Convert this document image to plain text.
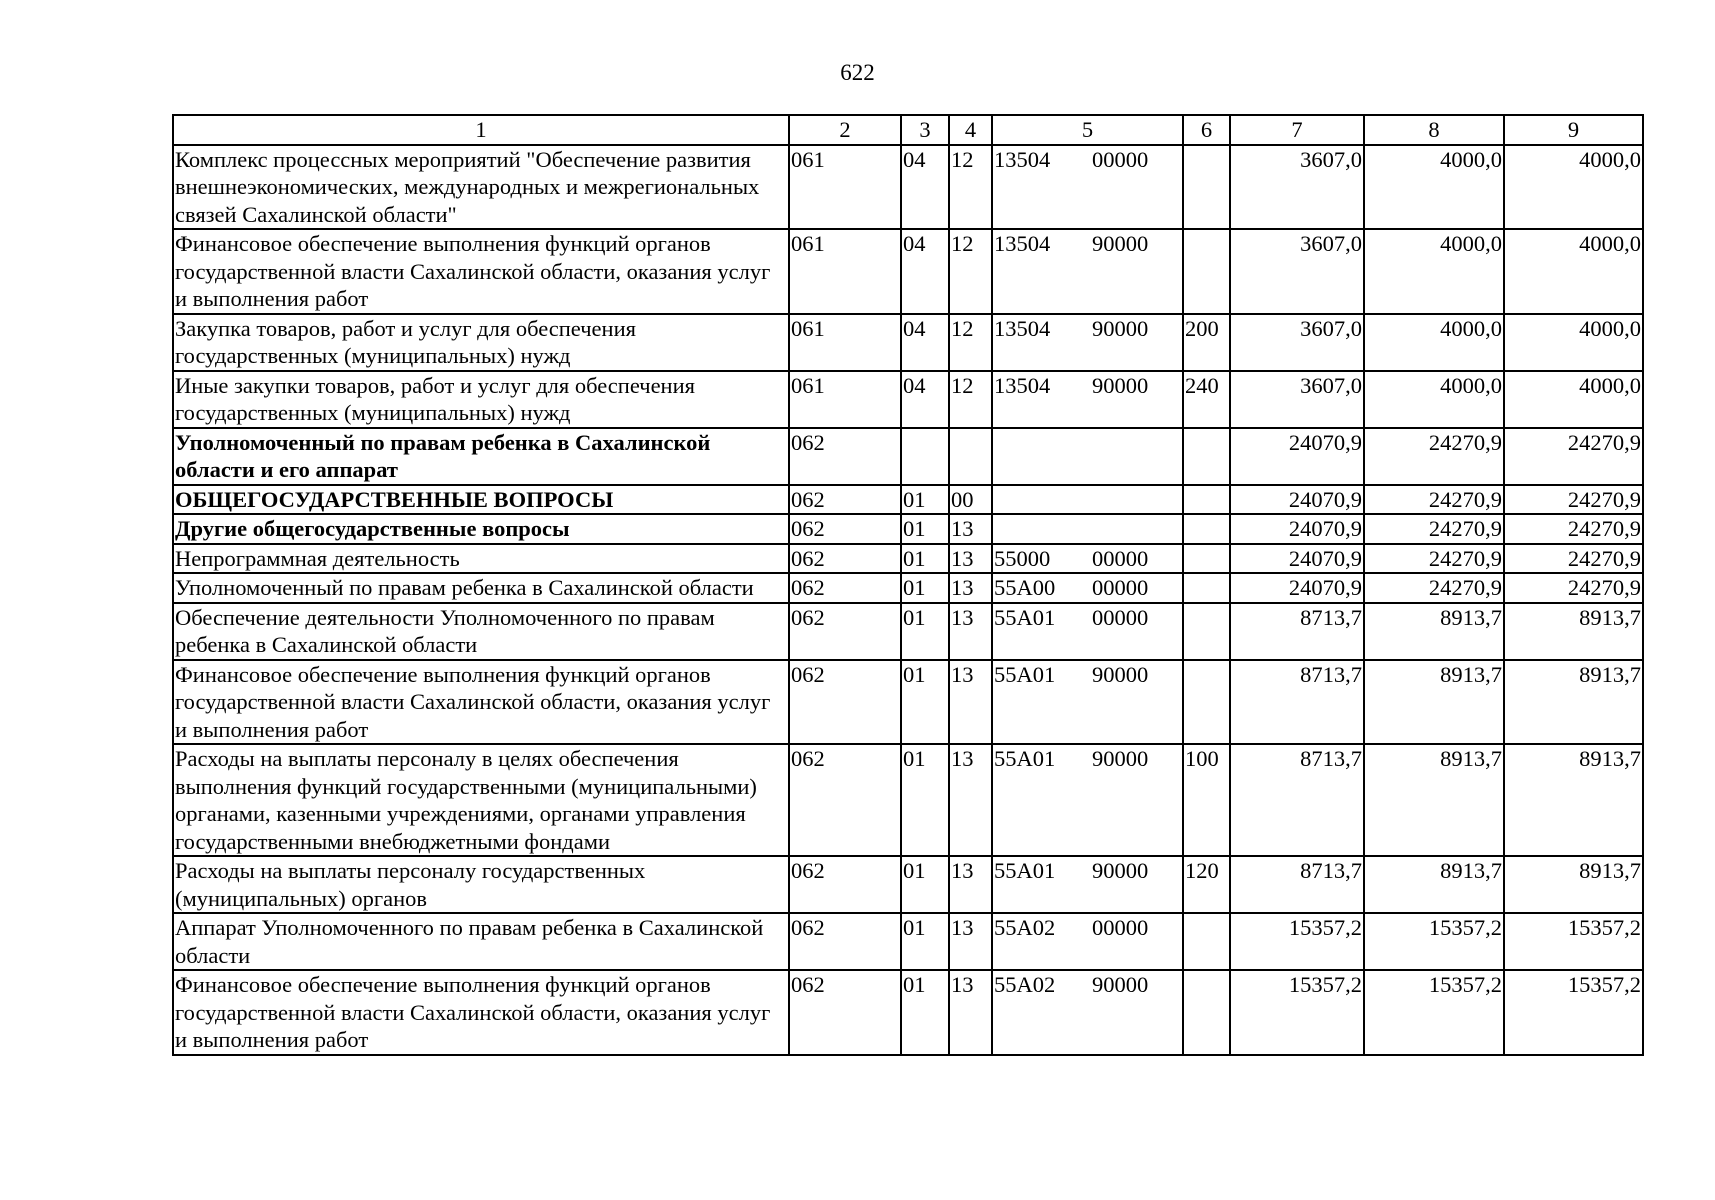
622
1	2	3	4	5	6	7	8	9
Комплекс процессных мероприятий "Обеспечение развития внешнеэкономических, международных и межрегиональных связей Сахалинской области"	061	04	12	13504 00000		3607,0	4000,0	4000,0
Финансовое обеспечение выполнения функций органов государственной власти Сахалинской области, оказания услуг и выполнения работ	061	04	12	13504 90000		3607,0	4000,0	4000,0
Закупка товаров, работ и услуг для обеспечения государственных (муниципальных) нужд	061	04	12	13504 90000	200	3607,0	4000,0	4000,0
Иные закупки товаров, работ и услуг для обеспечения государственных (муниципальных) нужд	061	04	12	13504 90000	240	3607,0	4000,0	4000,0
Уполномоченный по правам ребенка в Сахалинской области и его аппарат	062					24070,9	24270,9	24270,9
ОБЩЕГОСУДАРСТВЕННЫЕ ВОПРОСЫ	062	01	00			24070,9	24270,9	24270,9
Другие общегосударственные вопросы	062	01	13			24070,9	24270,9	24270,9
Непрограммная деятельность	062	01	13	55000 00000		24070,9	24270,9	24270,9
Уполномоченный по правам ребенка в Сахалинской области	062	01	13	55А00 00000		24070,9	24270,9	24270,9
Обеспечение деятельности Уполномоченного по правам ребенка в Сахалинской области	062	01	13	55А01 00000		8713,7	8913,7	8913,7
Финансовое обеспечение выполнения функций органов государственной власти Сахалинской области, оказания услуг и выполнения работ	062	01	13	55А01 90000		8713,7	8913,7	8913,7
Расходы на выплаты персоналу в целях обеспечения выполнения функций государственными (муниципальными) органами, казенными учреждениями, органами управления государственными внебюджетными фондами	062	01	13	55А01 90000	100	8713,7	8913,7	8913,7
Расходы на выплаты персоналу государственных (муниципальных) органов	062	01	13	55А01 90000	120	8713,7	8913,7	8913,7
Аппарат Уполномоченного по правам ребенка в Сахалинской области	062	01	13	55А02 00000		15357,2	15357,2	15357,2
Финансовое обеспечение выполнения функций органов государственной власти Сахалинской области, оказания услуг и выполнения работ	062	01	13	55А02 90000		15357,2	15357,2	15357,2
